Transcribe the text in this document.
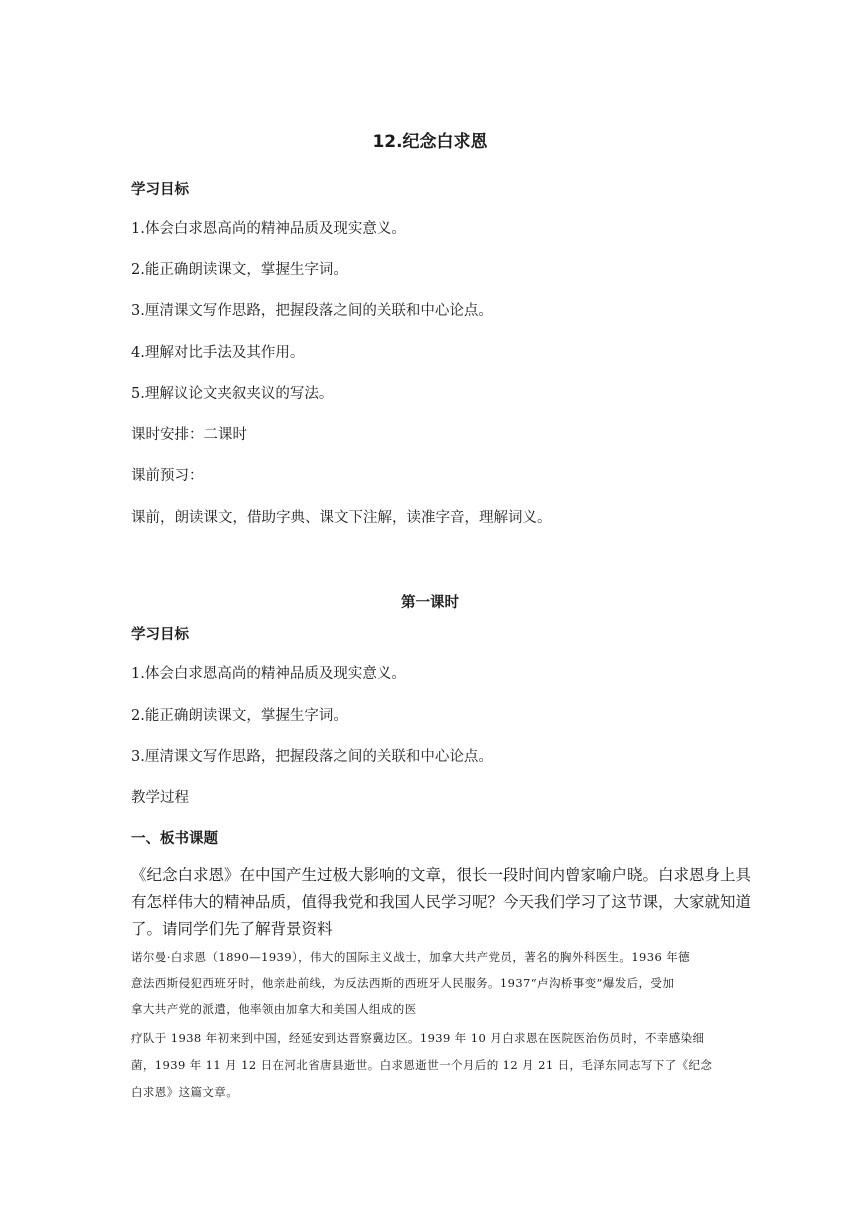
12.纪念白求恩
学习目标
1.体会白求恩高尚的精神品质及现实意义。
2.能正确朗读课文，掌握生字词。
3.厘清课文写作思路，把握段落之间的关联和中心论点。
4.理解对比手法及其作用。
5.理解议论文夹叙夹议的写法。
课时安排：二课时
课前预习：
课前，朗读课文，借助字典、课文下注解，读准字音，理解词义。
第一课时
学习目标
1.体会白求恩高尚的精神品质及现实意义。
2.能正确朗读课文，掌握生字词。
3.厘清课文写作思路，把握段落之间的关联和中心论点。
教学过程
一、板书课题
《纪念白求恩》在中国产生过极大影响的文章，很长一段时间内曾家喻户晓。白求恩身上具
有怎样伟大的精神品质，值得我党和我国人民学习呢？今天我们学习了这节课，大家就知道
了。请同学们先了解背景资料
诺尔曼·白求恩（1890—1939），伟大的国际主义战士，加拿大共产党员，著名的胸外科医生。1936 年德
意法西斯侵犯西班牙时，他亲赴前线，为反法西斯的西班牙人民服务。1937“卢沟桥事变”爆发后，受加
拿大共产党的派遣，他率领由加拿大和美国人组成的医
疗队于 1938 年初来到中国，经延安到达晋察冀边区。1939 年 10 月白求恩在医院医治伤员时，不幸感染细
菌，1939 年 11 月 12 日在河北省唐县逝世。白求恩逝世一个月后的 12 月 21 日，毛泽东同志写下了《纪念
白求恩》这篇文章。
